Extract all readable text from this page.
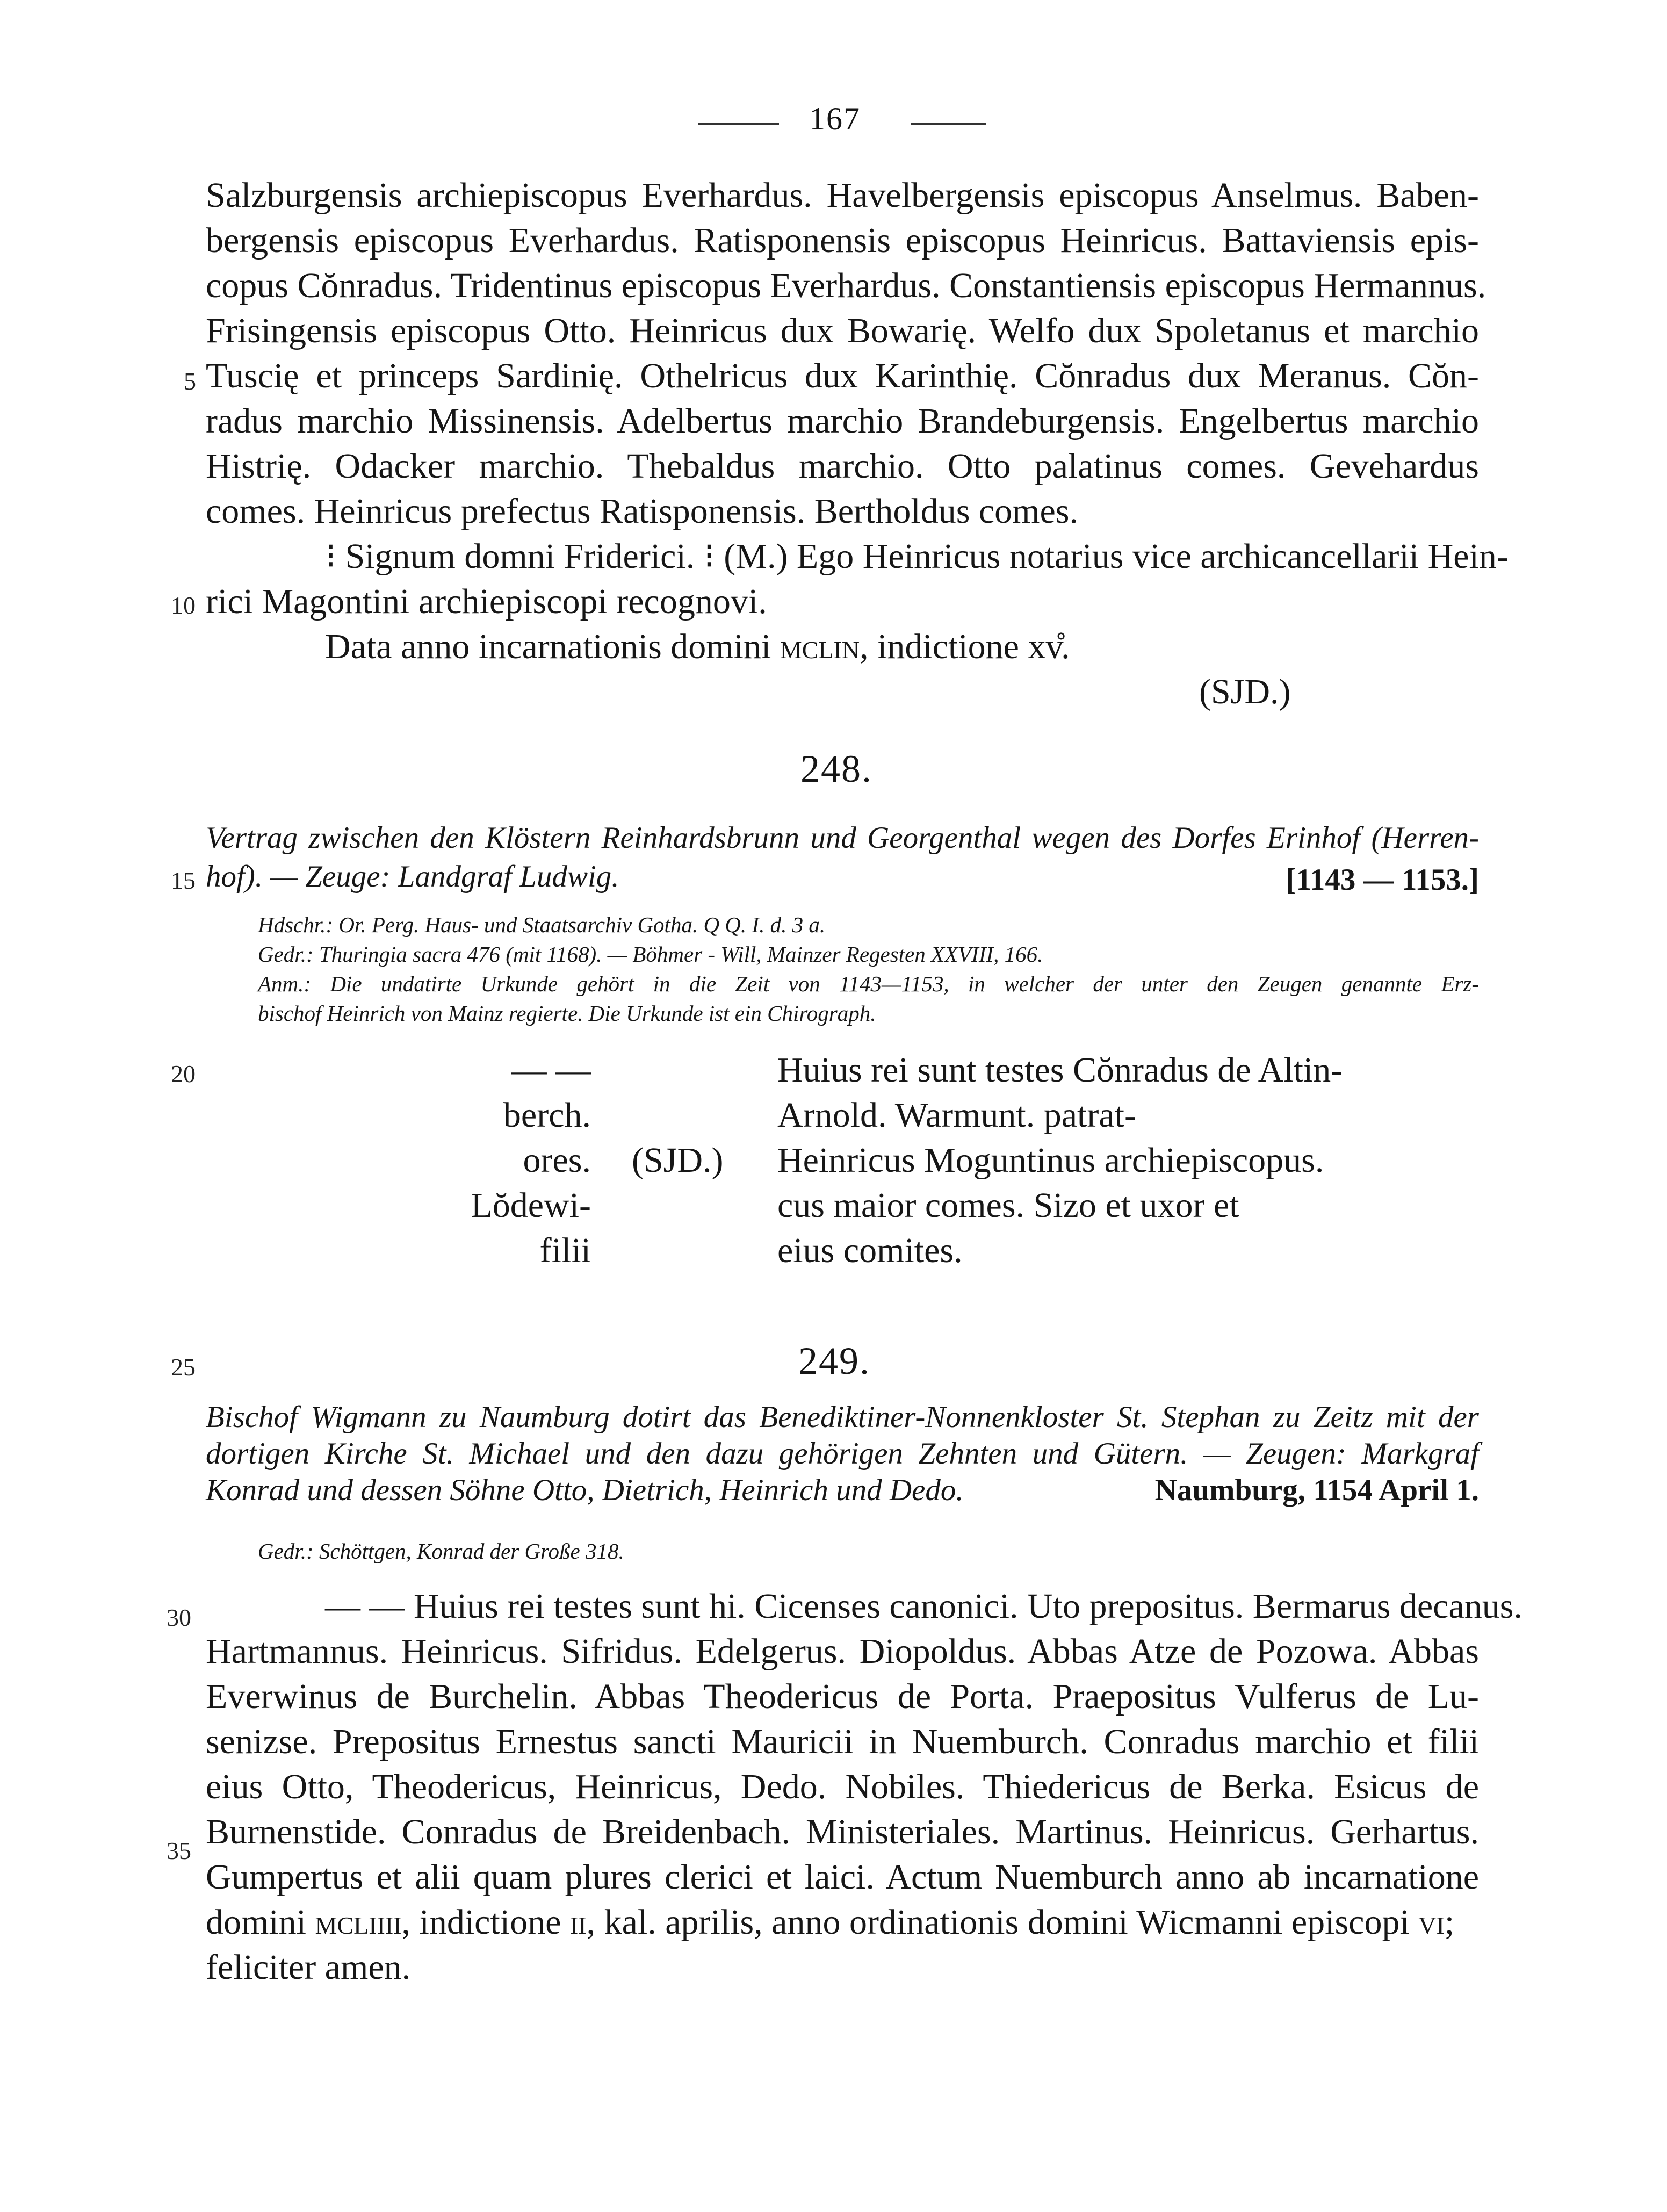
167
Salzburgensis archiepiscopus Everhardus. Havelbergensis episcopus Anselmus. Baben-
bergensis episcopus Everhardus. Ratisponensis episcopus Heinricus. Battaviensis epis-
copus Cŏnradus. Tridentinus episcopus Everhardus. Constantiensis episcopus Hermannus.
Frisingensis episcopus Otto. Heinricus dux Bowarię. Welfo dux Spoletanus et marchio
Tuscię et princeps Sardinię. Othelricus dux Karinthię. Cŏnradus dux Meranus. Cŏn-
radus marchio Missinensis. Adelbertus marchio Brandeburgensis. Engelbertus marchio
Histrię. Odacker marchio. Thebaldus marchio. Otto palatinus comes. Gevehardus
comes. Heinricus prefectus Ratisponensis. Bertholdus comes.
⁝ Signum domni Friderici. ⁝ (M.) Ego Heinricus notarius vice archicancellarii Hein-
rici Magontini archiepiscopi recognovi.
Data anno incarnationis domini mclin, indictione xv̊.
(SJD.)
5
10
15
20
25
30
35
248.
Vertrag zwischen den Klöstern Reinhardsbrunn und Georgenthal wegen des Dorfes Erinhof (Herren-
hof). — Zeuge: Landgraf Ludwig.	[1143 — 1153.]
Hdschr.: Or. Perg. Haus- und Staatsarchiv Gotha. Q Q. I. d. 3 a.
Gedr.: Thuringia sacra 476 (mit 1168). — Böhmer - Will, Mainzer Regesten XXVIII, 166.
Anm.: Die undatirte Urkunde gehört in die Zeit von 1143—1153, in welcher der unter den Zeugen genannte Erz-
bischof Heinrich von Mainz regierte. Die Urkunde ist ein Chirograph.
— —
berch.
ores.
Lŏdewi-
filii
(SJD.)
Huius rei sunt testes Cŏnradus de Altin-
Arnold. Warmunt. patrat-
Heinricus Moguntinus archiepiscopus.
cus maior comes. Sizo et uxor et
eius comites.
249.
Bischof Wigmann zu Naumburg dotirt das Benediktiner-Nonnenkloster St. Stephan zu Zeitz mit der
dortigen Kirche St. Michael und den dazu gehörigen Zehnten und Gütern. — Zeugen: Markgraf
Konrad und dessen Söhne Otto, Dietrich, Heinrich und Dedo.	Naumburg, 1154 April 1.
Gedr.: Schöttgen, Konrad der Große 318.
— — Huius rei testes sunt hi. Cicenses canonici. Uto prepositus. Bermarus decanus.
Hartmannus. Heinricus. Sifridus. Edelgerus. Diopoldus. Abbas Atze de Pozowa. Abbas
Everwinus de Burchelin. Abbas Theodericus de Porta. Praepositus Vulferus de Lu-
senizse. Prepositus Ernestus sancti Mauricii in Nuemburch. Conradus marchio et filii
eius Otto, Theodericus, Heinricus, Dedo. Nobiles. Thiedericus de Berka. Esicus de
Burnenstide. Conradus de Breidenbach. Ministeriales. Martinus. Heinricus. Gerhartus.
Gumpertus et alii quam plures clerici et laici. Actum Nuemburch anno ab incarnatione
domini mcliiii, indictione ii, kal. aprilis, anno ordinationis domini Wicmanni episcopi vi;
feliciter amen.
